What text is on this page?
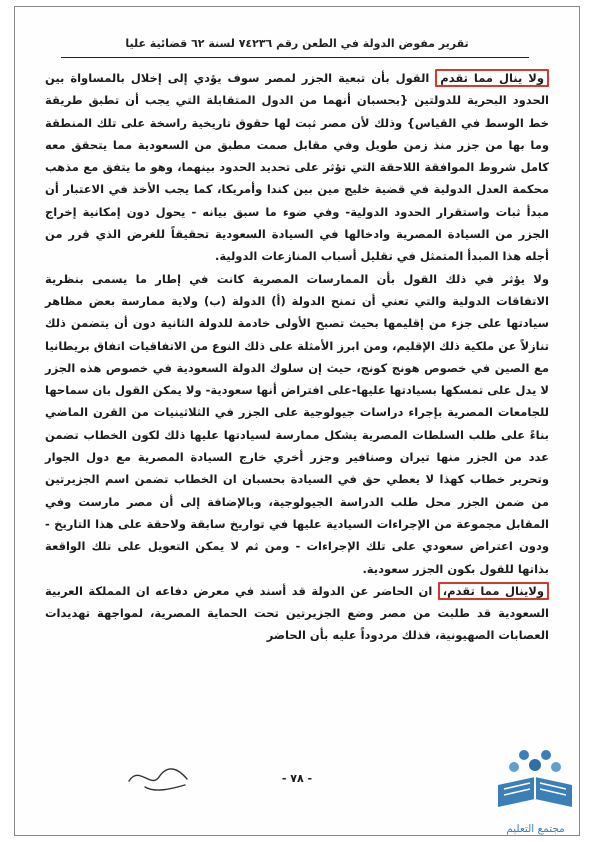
تقرير مفوض الدولة في الطعن رقم ٧٤٢٣٦ لسنة ٦٢ قضائية عليا

ولا ينال مما تقدم القول بأن تبعية الجزر لمصر سوف يؤدي إلى إخلال بالمساواة بين الحدود البحرية للدولتين {بحسبان أنهما من الدول المتقابلة التي يجب أن تطبق طريقة خط الوسط في القياس} وذلك لأن مصر ثبت لها حقوق تاريخية راسخة على تلك المنطقة وما بها من جزر منذ زمن طويل وفي مقابل صمت مطبق من السعودية مما يتحقق معه كامل شروط الموافقة اللاحقة التي تؤثر على تحديد الحدود بينهما، وهو ما يتفق مع مذهب محكمة العدل الدولية في قضية خليج مين بين كندا وأمريكا، كما يجب الأخذ في الاعتبار أن مبدأ ثبات واستقرار الحدود الدولية- وفي ضوء ما سبق بيانه - يحول دون إمكانية إخراج الجزر من السيادة المصرية وادخالها في السيادة السعودية تحقيقاً للغرض الذي قرر من أجله هذا المبدأ المتمثل في تقليل أسباب المنازعات الدولية.

ولا يؤثر في ذلك القول بأن الممارسات المصرية كانت في إطار ما يسمى بنظرية الاتفاقات الدولية والتي تعني أن تمنح الدولة (أ) الدولة (ب) ولاية ممارسة بعض مظاهر سيادتها على جزء من إقليمها بحيث تصبح الأولى خادمة للدولة الثانية دون أن يتضمن ذلك تنازلاً عن ملكية ذلك الإقليم، ومن ابرز الأمثلة على ذلك النوع من الاتفاقيات اتفاق بريطانيا مع الصين في خصوص هونج كونج، حيث إن سلوك الدولة السعودية في خصوص هذه الجزر لا يدل على تمسكها بسيادتها عليها-على افتراض أنها سعودية- ولا يمكن القول بان سماحها للجامعات المصرية بإجراء دراسات جيولوجية على الجزر في الثلاثينيات من القرن الماضي بناءً على طلب السلطات المصرية يشكل ممارسة لسيادتها عليها ذلك لكون الخطاب تضمن عدد من الجزر منها تيران وصنافير وجزر أخري خارج السيادة المصرية مع دول الجوار وتحرير خطاب كهذا لا يعطي حق في السيادة بحسبان ان الخطاب تضمن اسم الجزيرتين من ضمن الجزر محل طلب الدراسة الجيولوجية، وبالإضافة إلى أن مصر مارست وفي المقابل مجموعة من الإجراءات السيادية عليها في تواريخ سابقة ولاحقة على هذا التاريخ - ودون اعتراض سعودي على تلك الإجراءات - ومن ثم لا يمكن التعويل على تلك الواقعة بذاتها للقول بكون الجزر سعودية.

ولاينال مما تقدم، ان الحاضر عن الدولة قد أسند في معرض دفاعه ان المملكة العربية السعودية قد طلبت من مصر وضع الجزيرتين تحت الحماية المصرية، لمواجهة تهديدات العصابات الصهيونية، فذلك مردوداً عليه بأن الحاضر

- ٧٨ -
مجتمع التعليم
